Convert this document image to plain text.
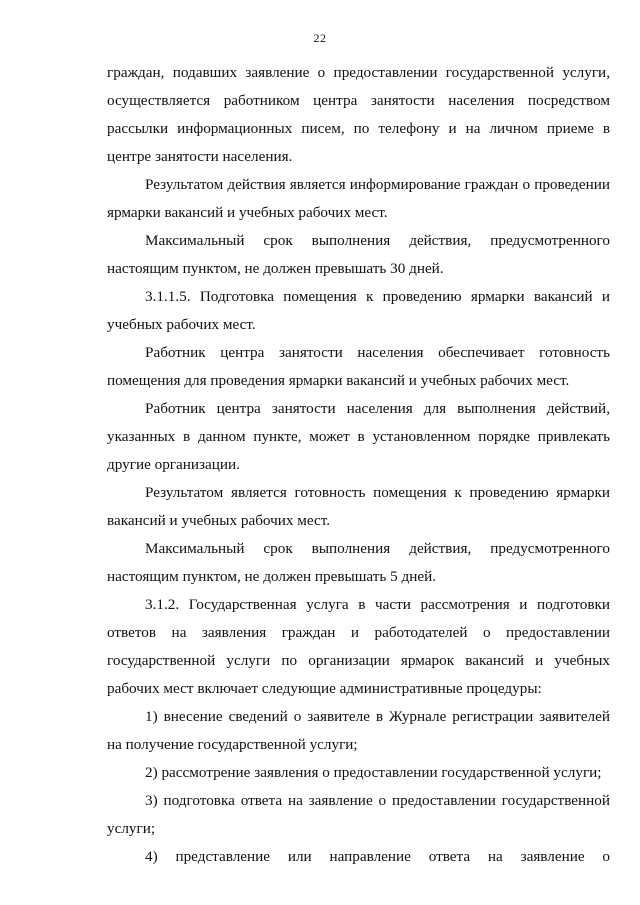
22

граждан, подавших заявление о предоставлении государственной услуги, осуществляется работником центра занятости населения посредством рассылки информационных писем, по телефону и на личном приеме в центре занятости населения.

Результатом действия является информирование граждан о проведении ярмарки вакансий и учебных рабочих мест.

Максимальный срок выполнения действия, предусмотренного настоящим пунктом, не должен превышать 30 дней.

3.1.1.5. Подготовка помещения к проведению ярмарки вакансий и учебных рабочих мест.

Работник центра занятости населения обеспечивает готовность помещения для проведения ярмарки вакансий и учебных рабочих мест.

Работник центра занятости населения для выполнения действий, указанных в данном пункте, может в установленном порядке привлекать другие организации.

Результатом является готовность помещения к проведению ярмарки вакансий и учебных рабочих мест.

Максимальный срок выполнения действия, предусмотренного настоящим пунктом, не должен превышать 5 дней.

3.1.2. Государственная услуга в части рассмотрения и подготовки ответов на заявления граждан и работодателей о предоставлении государственной услуги по организации ярмарок вакансий и учебных рабочих мест включает следующие административные процедуры:

1) внесение сведений о заявителе в Журнале регистрации заявителей на получение государственной услуги;

2) рассмотрение заявления о предоставлении государственной услуги;

3) подготовка ответа на заявление о предоставлении государственной услуги;

4) представление или направление ответа на заявление о
